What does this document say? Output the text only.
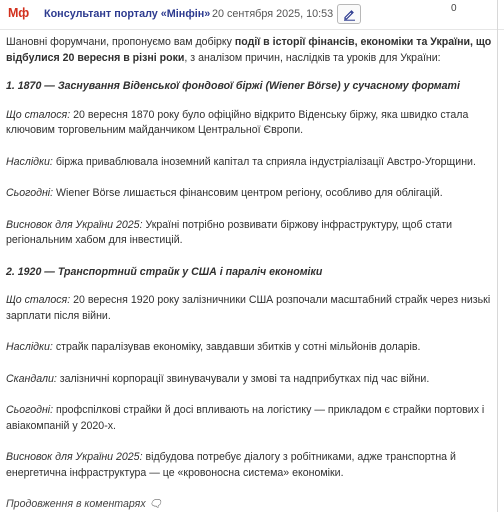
Мф Консультант порталу «Мінфін» 20 сентября 2025, 10:53	0

Шановні форумчани, пропонуємо вам добірку події в історії фінансів, економіки та України, що відбулися 20 вересня в різні роки, з аналізом причин, наслідків та уроків для України:

1. 1870 — Заснування Віденської фондової біржі (Wiener Börse) у сучасному форматі

Що сталося: 20 вересня 1870 року було офіційно відкрито Віденську біржу, яка швидко стала ключовим торговельним майданчиком Центральної Європи.

Наслідки: біржа приваблювала іноземний капітал та сприяла індустріалізації Австро-Угорщини.

Сьогодні: Wiener Börse лишається фінансовим центром регіону, особливо для облігацій.

Висновок для України 2025: Україні потрібно розвивати біржову інфраструктуру, щоб стати регіональним хабом для інвестицій.

2. 1920 — Транспортний страйк у США і параліч економіки

Що сталося: 20 вересня 1920 року залізничники США розпочали масштабний страйк через низькі зарплати після війни.

Наслідки: страйк паралізував економіку, завдавши збитків у сотні мільйонів доларів.

Скандали: залізничні корпорації звинувачували у змові та надприбутках під час війни.

Сьогодні: профспілкові страйки й досі впливають на логістику — прикладом є страйки портових і авіакомпаній у 2020-х.

Висновок для України 2025: відбудова потребує діалогу з робітниками, адже транспортна й енергетична інфраструктура — це «кровоносна система» економіки.

Продовження в коментарях 🗨
